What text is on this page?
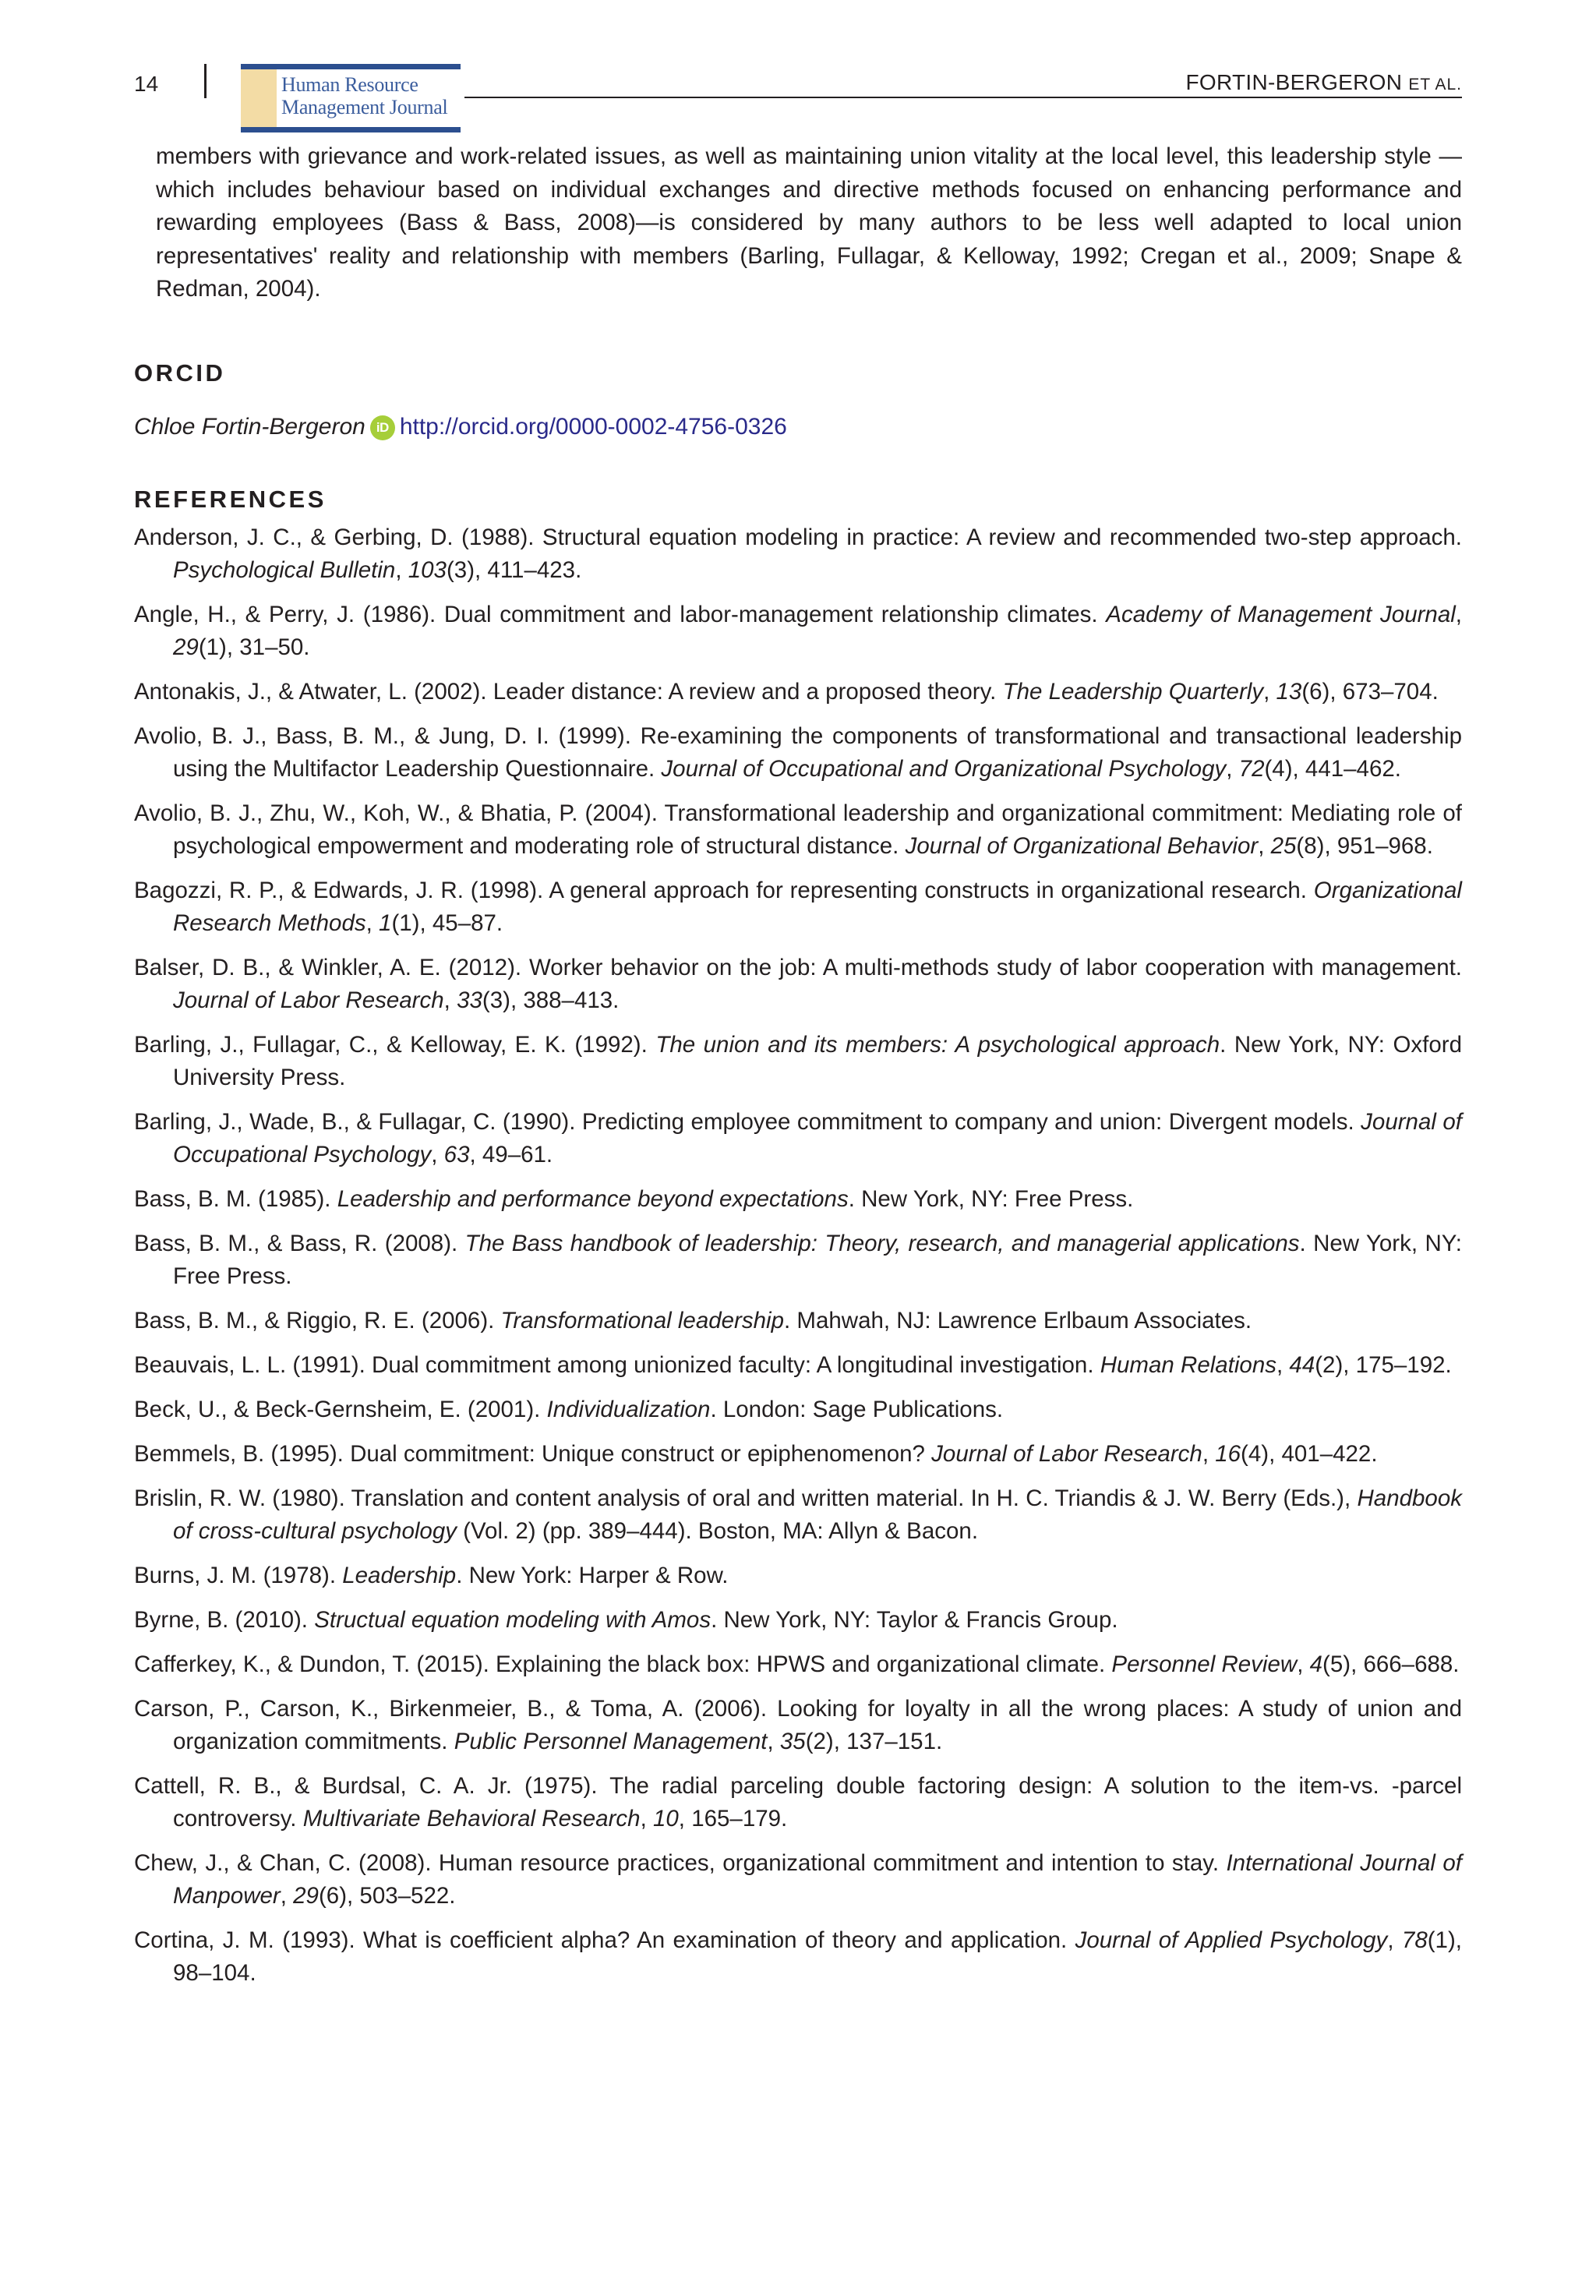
14	Human Resource
Management Journal
FORTIN-BERGERON ET AL.

members with grievance and work-related issues, as well as maintaining union vitality at the local level, this leadership style —which includes behaviour based on individual exchanges and directive methods focused on enhancing performance and rewarding employees (Bass & Bass, 2008)—is considered by many authors to be less well adapted to local union representatives' reality and relationship with members (Barling, Fullagar, & Kelloway, 1992; Cregan et al., 2009; Snape & Redman, 2004).

ORCID
Chloe Fortin-Bergeron iD http://orcid.org/0000-0002-4756-0326
REFERENCES
Anderson, J. C., & Gerbing, D. (1988). Structural equation modeling in practice: A review and recommended two-step approach. Psychological Bulletin, 103(3), 411–423.
Angle, H., & Perry, J. (1986). Dual commitment and labor-management relationship climates. Academy of Management Journal, 29(1), 31–50.
Antonakis, J., & Atwater, L. (2002). Leader distance: A review and a proposed theory. The Leadership Quarterly, 13(6), 673–704.
Avolio, B. J., Bass, B. M., & Jung, D. I. (1999). Re-examining the components of transformational and transactional leadership using the Multifactor Leadership Questionnaire. Journal of Occupational and Organizational Psychology, 72(4), 441–462.
Avolio, B. J., Zhu, W., Koh, W., & Bhatia, P. (2004). Transformational leadership and organizational commitment: Mediating role of psychological empowerment and moderating role of structural distance. Journal of Organizational Behavior, 25(8), 951–968.
Bagozzi, R. P., & Edwards, J. R. (1998). A general approach for representing constructs in organizational research. Organizational Research Methods, 1(1), 45–87.
Balser, D. B., & Winkler, A. E. (2012). Worker behavior on the job: A multi-methods study of labor cooperation with management. Journal of Labor Research, 33(3), 388–413.
Barling, J., Fullagar, C., & Kelloway, E. K. (1992). The union and its members: A psychological approach. New York, NY: Oxford University Press.
Barling, J., Wade, B., & Fullagar, C. (1990). Predicting employee commitment to company and union: Divergent models. Journal of Occupational Psychology, 63, 49–61.
Bass, B. M. (1985). Leadership and performance beyond expectations. New York, NY: Free Press.
Bass, B. M., & Bass, R. (2008). The Bass handbook of leadership: Theory, research, and managerial applications. New York, NY: Free Press.
Bass, B. M., & Riggio, R. E. (2006). Transformational leadership. Mahwah, NJ: Lawrence Erlbaum Associates.
Beauvais, L. L. (1991). Dual commitment among unionized faculty: A longitudinal investigation. Human Relations, 44(2), 175–192.
Beck, U., & Beck-Gernsheim, E. (2001). Individualization. London: Sage Publications.
Bemmels, B. (1995). Dual commitment: Unique construct or epiphenomenon? Journal of Labor Research, 16(4), 401–422.
Brislin, R. W. (1980). Translation and content analysis of oral and written material. In H. C. Triandis & J. W. Berry (Eds.), Handbook of cross-cultural psychology (Vol. 2) (pp. 389–444). Boston, MA: Allyn & Bacon.
Burns, J. M. (1978). Leadership. New York: Harper & Row.
Byrne, B. (2010). Structual equation modeling with Amos. New York, NY: Taylor & Francis Group.
Cafferkey, K., & Dundon, T. (2015). Explaining the black box: HPWS and organizational climate. Personnel Review, 4(5), 666–688.
Carson, P., Carson, K., Birkenmeier, B., & Toma, A. (2006). Looking for loyalty in all the wrong places: A study of union and organization commitments. Public Personnel Management, 35(2), 137–151.
Cattell, R. B., & Burdsal, C. A. Jr. (1975). The radial parceling double factoring design: A solution to the item-vs. -parcel controversy. Multivariate Behavioral Research, 10, 165–179.
Chew, J., & Chan, C. (2008). Human resource practices, organizational commitment and intention to stay. International Journal of Manpower, 29(6), 503–522.
Cortina, J. M. (1993). What is coefficient alpha? An examination of theory and application. Journal of Applied Psychology, 78(1), 98–104.
